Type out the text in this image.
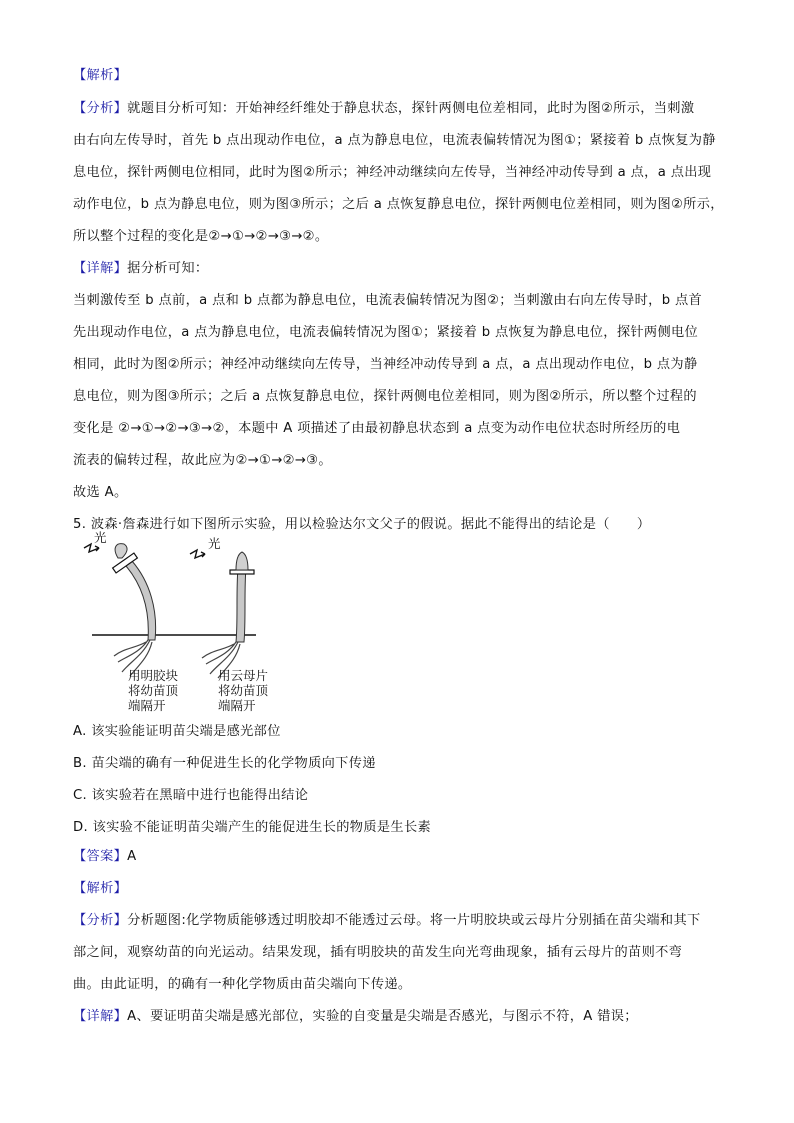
【解析】
【分析】就题目分析可知：开始神经纤维处于静息状态，探针两侧电位差相同，此时为图②所示，当刺激
由右向左传导时，首先 b 点出现动作电位，a 点为静息电位，电流表偏转情况为图①；紧接着 b 点恢复为静
息电位，探针两侧电位相同，此时为图②所示；神经冲动继续向左传导，当神经冲动传导到 a 点，a 点出现
动作电位，b 点为静息电位，则为图③所示；之后 a 点恢复静息电位，探针两侧电位差相同，则为图②所示，
所以整个过程的变化是②→①→②→③→②。
【详解】据分析可知：
当刺激传至 b 点前，a 点和 b 点都为静息电位，电流表偏转情况为图②；当刺激由右向左传导时，b 点首
先出现动作电位，a 点为静息电位，电流表偏转情况为图①；紧接着 b 点恢复为静息电位，探针两侧电位
相同，此时为图②所示；神经冲动继续向左传导，当神经冲动传导到 a 点，a 点出现动作电位，b 点为静
息电位，则为图③所示；之后 a 点恢复静息电位，探针两侧电位差相同，则为图②所示，所以整个过程的
变化是 ②→①→②→③→②，本题中 A 项描述了由最初静息状态到 a 点变为动作电位状态时所经历的电
流表的偏转过程，故此应为②→①→②→③。
故选 A。
5. 波森·詹森进行如下图所示实验，用以检验达尔文父子的假说。据此不能得出的结论是（　　）
光	光
用明胶块
将幼苗顶
端隔开
用云母片
将幼苗顶
端隔开
A. 该实验能证明苗尖端是感光部位
B. 苗尖端的确有一种促进生长的化学物质向下传递
C. 该实验若在黑暗中进行也能得出结论
D. 该实验不能证明苗尖端产生的能促进生长的物质是生长素
【答案】A
【解析】
【分析】分析题图:化学物质能够透过明胶却不能透过云母。将一片明胶块或云母片分别插在苗尖端和其下
部之间，观察幼苗的向光运动。结果发现，插有明胶块的苗发生向光弯曲现象，插有云母片的苗则不弯
曲。由此证明，的确有一种化学物质由苗尖端向下传递。
【详解】A、要证明苗尖端是感光部位，实验的自变量是尖端是否感光，与图示不符，A 错误；
